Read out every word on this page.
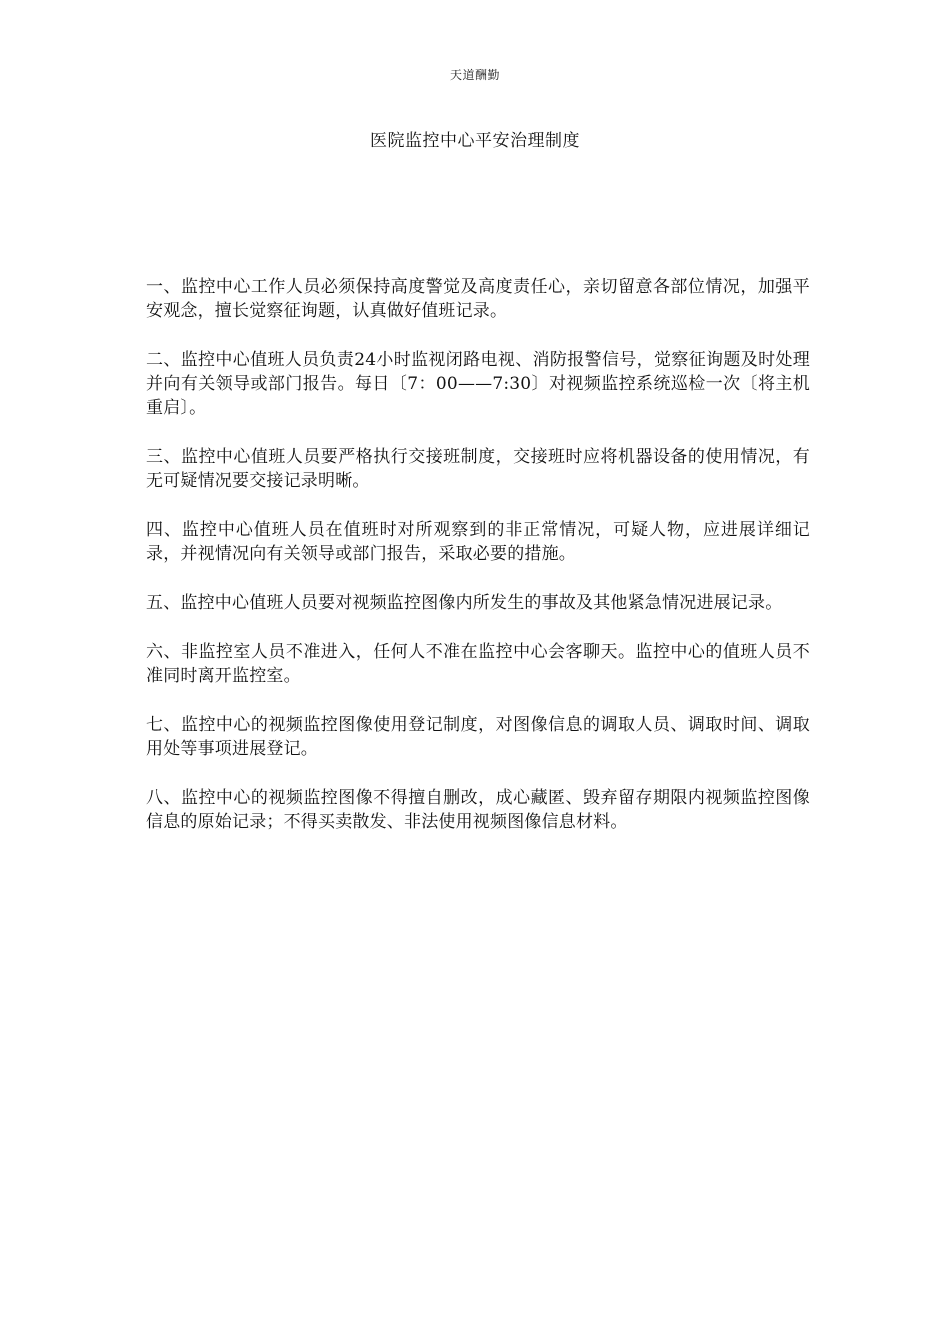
天道酬勤
医院监控中心平安治理制度

一、监控中心工作人员必须保持高度警觉及高度责任心，亲切留意各部位情况，加强平安观念，擅长觉察征询题，认真做好值班记录。

二、监控中心值班人员负责24小时监视闭路电视、消防报警信号，觉察征询题及时处理并向有关领导或部门报告。每日〔7：00——7:30〕对视频监控系统巡检一次〔将主机重启〕。

三、监控中心值班人员要严格执行交接班制度，交接班时应将机器设备的使用情况，有无可疑情况要交接记录明晰。

四、监控中心值班人员在值班时对所观察到的非正常情况，可疑人物，应进展详细记录，并视情况向有关领导或部门报告，采取必要的措施。

五、监控中心值班人员要对视频监控图像内所发生的事故及其他紧急情况进展记录。

六、非监控室人员不准进入，任何人不准在监控中心会客聊天。监控中心的值班人员不准同时离开监控室。

七、监控中心的视频监控图像使用登记制度，对图像信息的调取人员、调取时间、调取用处等事项进展登记。

八、监控中心的视频监控图像不得擅自删改，成心藏匿、毁弃留存期限内视频监控图像信息的原始记录；不得买卖散发、非法使用视频图像信息材料。
